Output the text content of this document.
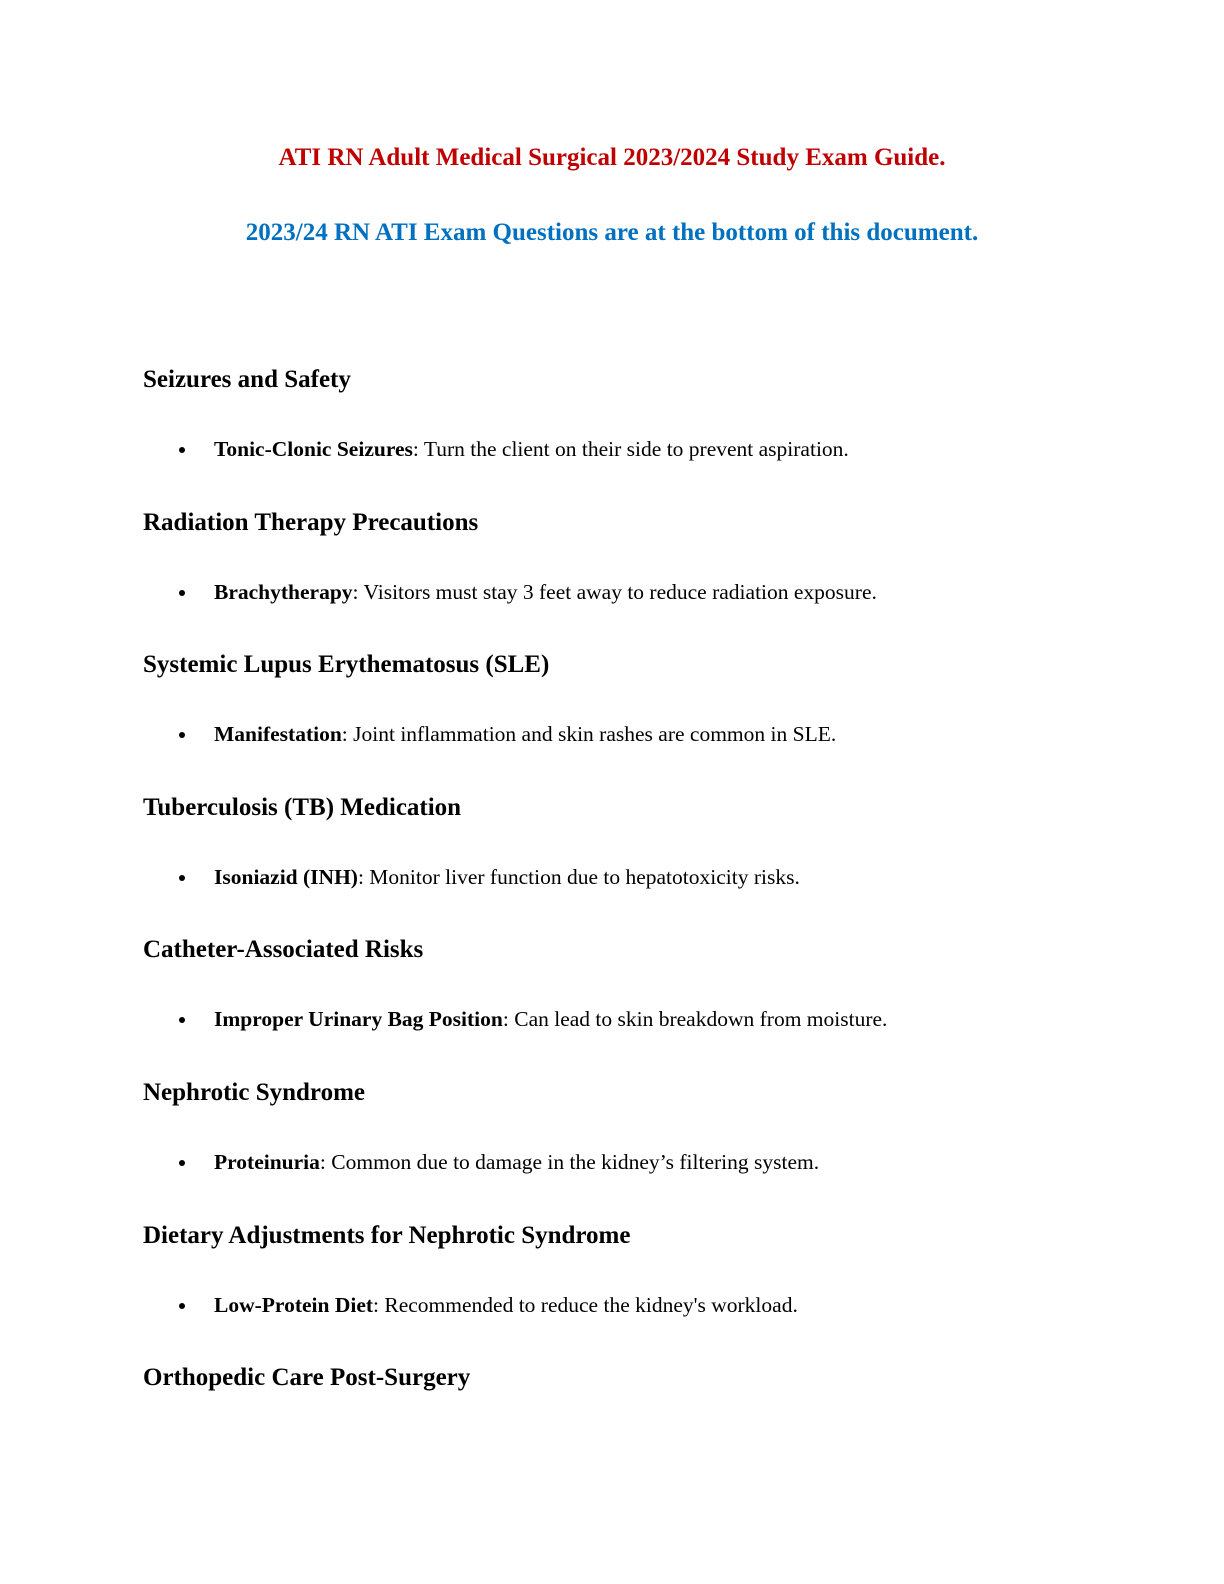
ATI RN Adult Medical Surgical 2023/2024 Study Exam Guide.
2023/24 RN ATI Exam Questions are at the bottom of this document.
Seizures and Safety
Tonic-Clonic Seizures: Turn the client on their side to prevent aspiration.
Radiation Therapy Precautions
Brachytherapy: Visitors must stay 3 feet away to reduce radiation exposure.
Systemic Lupus Erythematosus (SLE)
Manifestation: Joint inflammation and skin rashes are common in SLE.
Tuberculosis (TB) Medication
Isoniazid (INH): Monitor liver function due to hepatotoxicity risks.
Catheter-Associated Risks
Improper Urinary Bag Position: Can lead to skin breakdown from moisture.
Nephrotic Syndrome
Proteinuria: Common due to damage in the kidney’s filtering system.
Dietary Adjustments for Nephrotic Syndrome
Low-Protein Diet: Recommended to reduce the kidney's workload.
Orthopedic Care Post-Surgery
